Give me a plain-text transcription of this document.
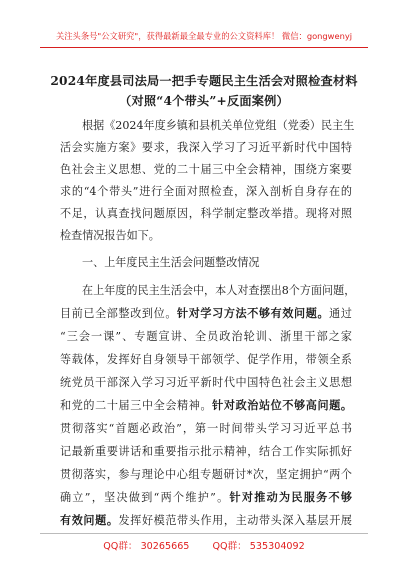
关注头条号"公文研究"，获得最新最全最专业的公文资料库！ 微信：gongwenyj
2024年度县司法局一把手专题民主生活会对照检查材料
（对照“4个带头”+反面案例）
根据《2024年度乡镇和县机关单位党组（党委）民主生
活会实施方案》要求，我深入学习了习近平新时代中国特
色社会主义思想、党的二十届三中全会精神，围绕方案要
求的“4个带头”进行全面对照检查，深入剖析自身存在的
不足，认真查找问题原因，科学制定整改举措。现将对照
检查情况报告如下。
一、上年度民主生活会问题整改情况
在上年度的民主生活会中，本人对查摆出8个方面问题，
目前已全部整改到位。针对学习方法不够有效问题。通过
“三会一课”、专题宣讲、全员政治轮训、浙里干部之家
等载体，发挥好自身领导干部领学、促学作用，带领全系
统党员干部深入学习习近平新时代中国特色社会主义思想
和党的二十届三中全会精神。针对政治站位不够高问题。
贯彻落实“首题必政治”，第一时间带头学习习近平总书
记最新重要讲话和重要指示批示精神，结合工作实际抓好
贯彻落实，参与理论中心组专题研讨*次，坚定拥护“两个
确立”，坚决做到“两个维护”。针对推动为民服务不够
有效问题。发挥好模范带头作用，主动带头深入基层开展
QQ群： 30265665 QQ群： 535304092
